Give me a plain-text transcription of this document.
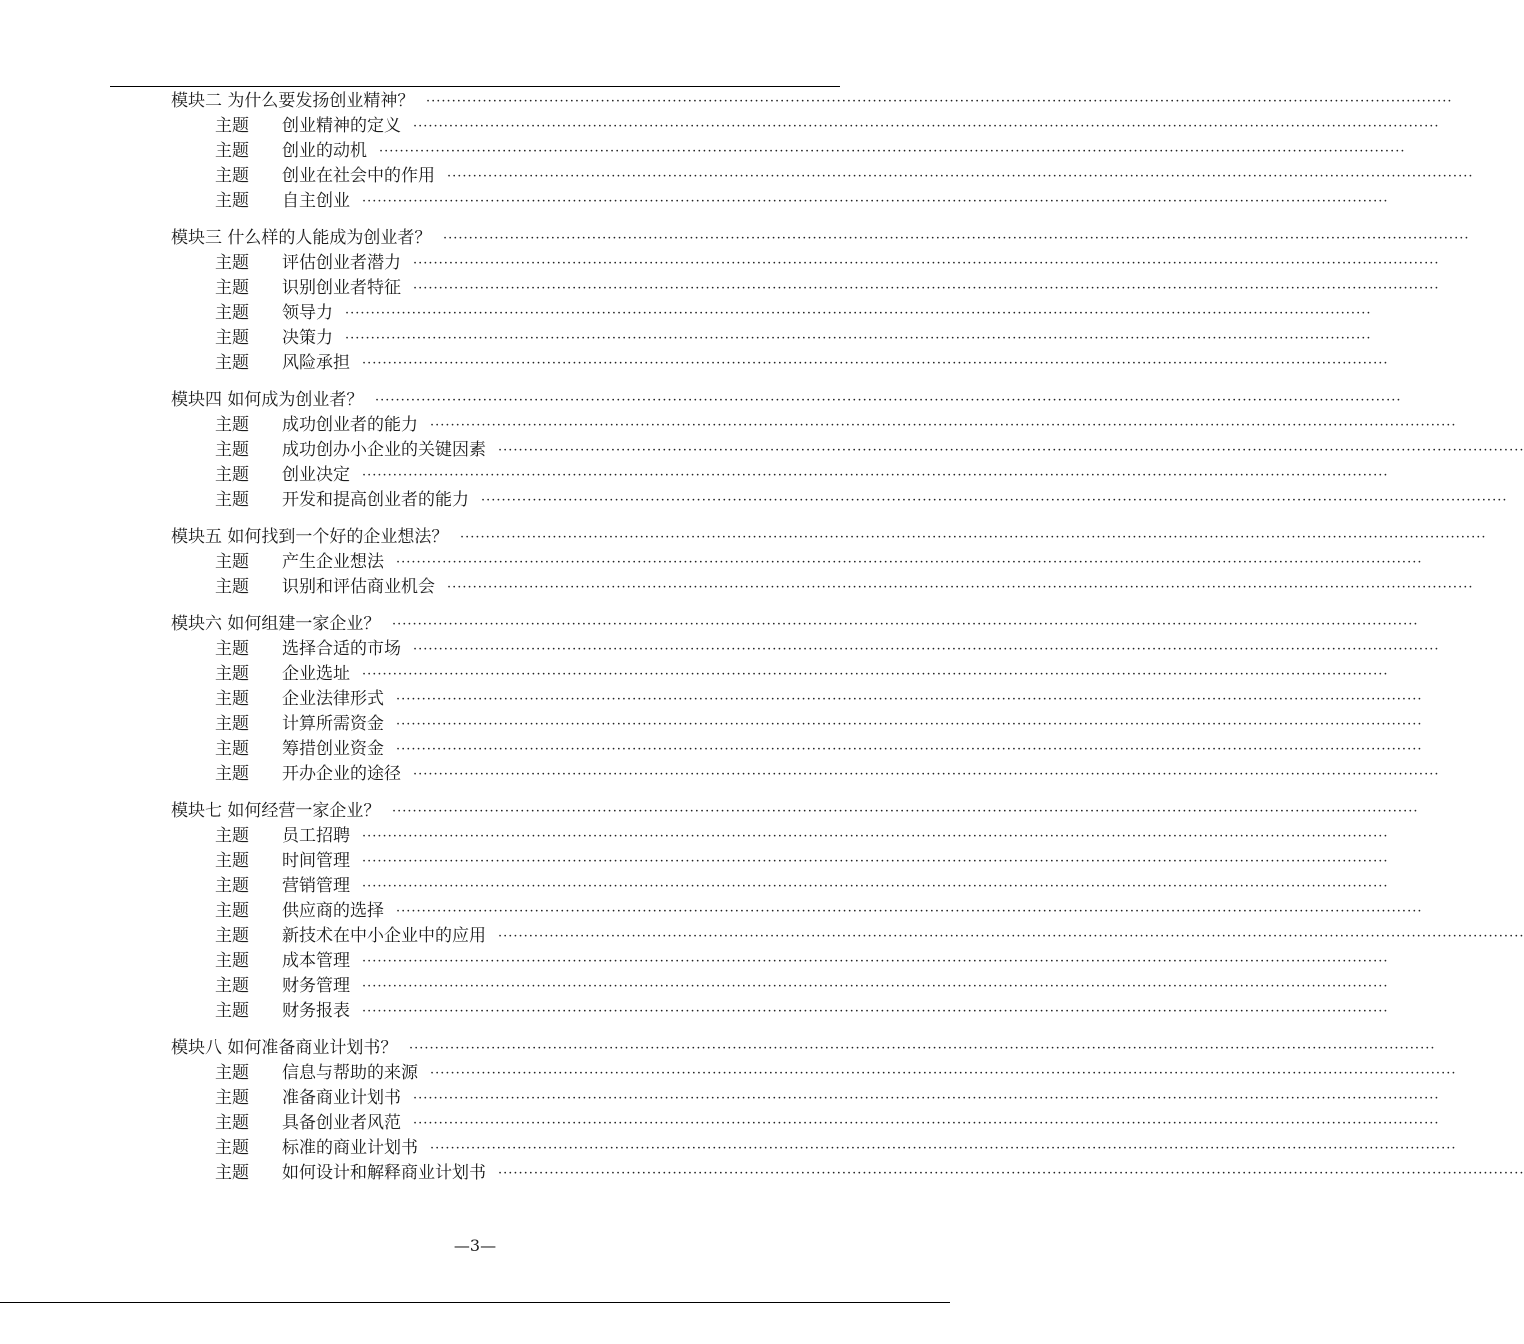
模块二 为什么要发扬创业精神？ ········································································································································································································
主题 创业精神的定义 ········································································································································································································
主题 创业的动机 ········································································································································································································
主题 创业在社会中的作用 ········································································································································································································
主题 自主创业 ········································································································································································································
模块三 什么样的人能成为创业者？ ········································································································································································································
主题 评估创业者潜力 ········································································································································································································
主题 识别创业者特征 ········································································································································································································
主题 领导力 ········································································································································································································
主题 决策力 ········································································································································································································
主题 风险承担 ········································································································································································································
模块四 如何成为创业者？ ········································································································································································································
主题 成功创业者的能力 ········································································································································································································
主题 成功创办小企业的关键因素 ········································································································································································································
主题 创业决定 ········································································································································································································
主题 开发和提高创业者的能力 ········································································································································································································
模块五 如何找到一个好的企业想法？ ········································································································································································································
主题 产生企业想法 ········································································································································································································
主题 识别和评估商业机会 ········································································································································································································
模块六 如何组建一家企业？ ········································································································································································································
主题 选择合适的市场 ········································································································································································································
主题 企业选址 ········································································································································································································
主题 企业法律形式 ········································································································································································································
主题 计算所需资金 ········································································································································································································
主题 筹措创业资金 ········································································································································································································
主题 开办企业的途径 ········································································································································································································
模块七 如何经营一家企业？ ········································································································································································································
主题 员工招聘 ········································································································································································································
主题 时间管理 ········································································································································································································
主题 营销管理 ········································································································································································································
主题 供应商的选择 ········································································································································································································
主题 新技术在中小企业中的应用 ········································································································································································································
主题 成本管理 ········································································································································································································
主题 财务管理 ········································································································································································································
主题 财务报表 ········································································································································································································
模块八 如何准备商业计划书？ ········································································································································································································
主题 信息与帮助的来源 ········································································································································································································
主题 准备商业计划书 ········································································································································································································
主题 具备创业者风范 ········································································································································································································
主题 标准的商业计划书 ········································································································································································································
主题 如何设计和解释商业计划书 ········································································································································································································
—3—
